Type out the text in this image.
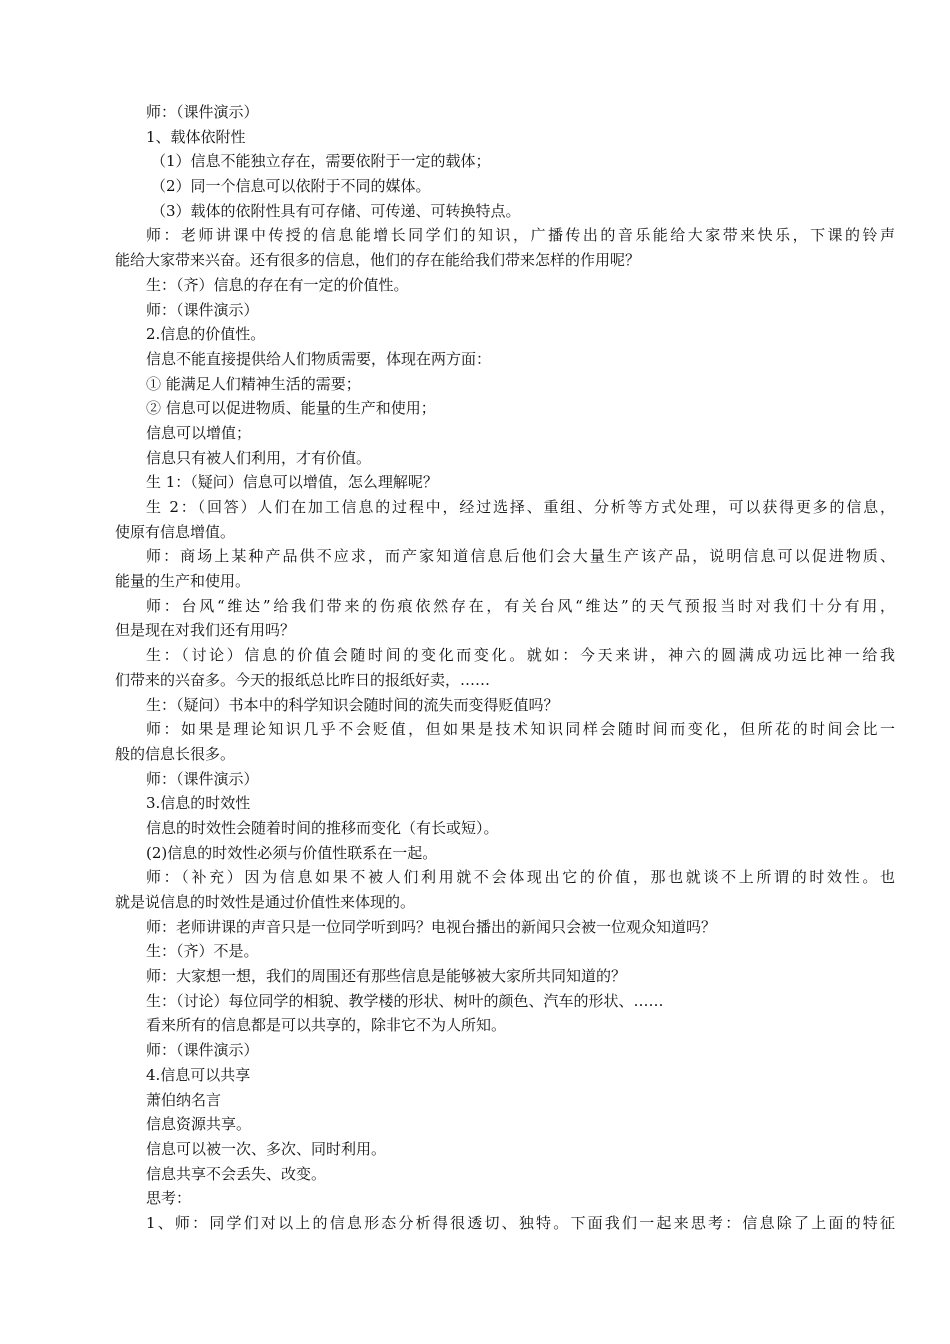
师：（课件演示）
1、载体依附性
（1）信息不能独立存在，需要依附于一定的载体；
（2）同一个信息可以依附于不同的媒体。
（3）载体的依附性具有可存储、可传递、可转换特点。
师：老师讲课中传授的信息能增长同学们的知识，广播传出的音乐能给大家带来快乐，下课的铃声
能给大家带来兴奋。还有很多的信息，他们的存在能给我们带来怎样的作用呢？
生：（齐）信息的存在有一定的价值性。
师：（课件演示）
2.信息的价值性。
信息不能直接提供给人们物质需要，体现在两方面：
① 能满足人们精神生活的需要；
② 信息可以促进物质、能量的生产和使用；
信息可以增值；
信息只有被人们利用，才有价值。
生 1：（疑问）信息可以增值，怎么理解呢？
生 2：（回答）人们在加工信息的过程中，经过选择、重组、分析等方式处理，可以获得更多的信息，
使原有信息增值。
师：商场上某种产品供不应求，而产家知道信息后他们会大量生产该产品，说明信息可以促进物质、
能量的生产和使用。
师：台风“维达”给我们带来的伤痕依然存在，有关台风“维达”的天气预报当时对我们十分有用，
但是现在对我们还有用吗？
生：（讨论）信息的价值会随时间的变化而变化。就如：今天来讲，神六的圆满成功远比神一给我
们带来的兴奋多。今天的报纸总比昨日的报纸好卖，……
生：（疑问）书本中的科学知识会随时间的流失而变得贬值吗？
师：如果是理论知识几乎不会贬值，但如果是技术知识同样会随时间而变化，但所花的时间会比一
般的信息长很多。
师：（课件演示）
3.信息的时效性
信息的时效性会随着时间的推移而变化（有长或短）。
(2)信息的时效性必须与价值性联系在一起。
师：（补充）因为信息如果不被人们利用就不会体现出它的价值，那也就谈不上所谓的时效性。也
就是说信息的时效性是通过价值性来体现的。
师：老师讲课的声音只是一位同学听到吗？电视台播出的新闻只会被一位观众知道吗？
生：（齐）不是。
师：大家想一想，我们的周围还有那些信息是能够被大家所共同知道的？
生：（讨论）每位同学的相貌、教学楼的形状、树叶的颜色、汽车的形状、……
看来所有的信息都是可以共享的，除非它不为人所知。
师：（课件演示）
4.信息可以共享
萧伯纳名言
信息资源共享。
信息可以被一次、多次、同时利用。
信息共享不会丢失、改变。
思考：
1、师：同学们对以上的信息形态分析得很透切、独特。下面我们一起来思考：信息除了上面的特征
